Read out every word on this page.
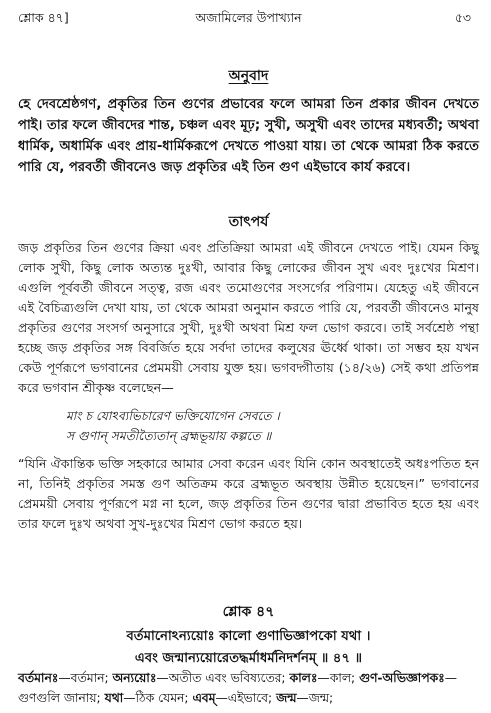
শ্লোক ৪৭]	অজামিলের উপাখ্যান	৫৩
অনুবাদ
হে দেবশ্রেষ্ঠগণ, প্রকৃতির তিন গুণের প্রভাবের ফলে আমরা তিন প্রকার জীবন দেখতে পাই। তার ফলে জীবদের শান্ত, চঞ্চল এবং মূঢ়; সুখী, অসুখী এবং তাদের মধ্যবর্তী; অথবা ধার্মিক, অধার্মিক এবং প্রায়-ধার্মিকরূপে দেখতে পাওয়া যায়। তা থেকে আমরা ঠিক করতে পারি যে, পরবর্তী জীবনেও জড় প্রকৃতির এই তিন গুণ এইভাবে কার্য করবে।
তাৎপর্য
জড় প্রকৃতির তিন গুণের ক্রিয়া এবং প্রতিক্রিয়া আমরা এই জীবনে দেখতে পাই। যেমন কিছু লোক সুখী, কিছু লোক অত্যন্ত দুঃখী, আবার কিছু লোকের জীবন সুখ এবং দুঃখের মিশ্রণ। এগুলি পূর্ববর্তী জীবনে সত্ত্ব, রজ এবং তমোগুণের সংসর্গের পরিণাম। যেহেতু এই জীবনে এই বৈচিত্র্যগুলি দেখা যায়, তা থেকে আমরা অনুমান করতে পারি যে, পরবর্তী জীবনেও মানুষ প্রকৃতির গুণের সংসর্গ অনুসারে সুখী, দুঃখী অথবা মিশ্র ফল ভোগ করবে। তাই সর্বশ্রেষ্ঠ পন্থা হচ্ছে জড় প্রকৃতির সঙ্গ বিবর্জিত হয়ে সর্বদা তাদের কলুষের ঊর্ধ্বে থাকা। তা সম্ভব হয় যখন কেউ পূর্ণরূপে ভগবানের প্রেমময়ী সেবায় যুক্ত হয়। ভগবদ্গীতায় (১৪/২৬) সেই কথা প্রতিপন্ন করে ভগবান শ্রীকৃষ্ণ বলেছেন—
মাং চ যোঽব্যভিচারেণ ভক্তিযোগেন সেবতে ।
স গুণান্ সমতীত্যৈতান্ ব্রহ্মভূয়ায় কল্পতে ॥
“যিনি ঐকান্তিক ভক্তি সহকারে আমার সেবা করেন এবং যিনি কোন অবস্থাতেই অধঃপতিত হন না, তিনিই প্রকৃতির সমস্ত গুণ অতিক্রম করে ব্রহ্মভূত অবস্থায় উন্নীত হয়েছেন।” ভগবানের প্রেমময়ী সেবায় পূর্ণরূপে মগ্ন না হলে, জড় প্রকৃতির তিন গুণের দ্বারা প্রভাবিত হতে হয় এবং তার ফলে দুঃখ অথবা সুখ-দুঃখের মিশ্রণ ভোগ করতে হয়।
শ্লোক ৪৭
বর্তমানোঽন্যয়োঃ কালো গুণাভিজ্ঞাপকো যথা ।
এবং জন্মান্যয়োরেতদ্ধর্মাধর্মনিদর্শনম্ ॥ ৪৭ ॥
বর্তমানঃ—বর্তমান; অন্যয়োঃ—অতীত এবং ভবিষ্যতের; কালঃ—কাল; গুণ-অভিজ্ঞাপকঃ—গুণগুলি জানায়; যথা—ঠিক যেমন; এবম্—এইভাবে; জন্ম—জন্ম;
